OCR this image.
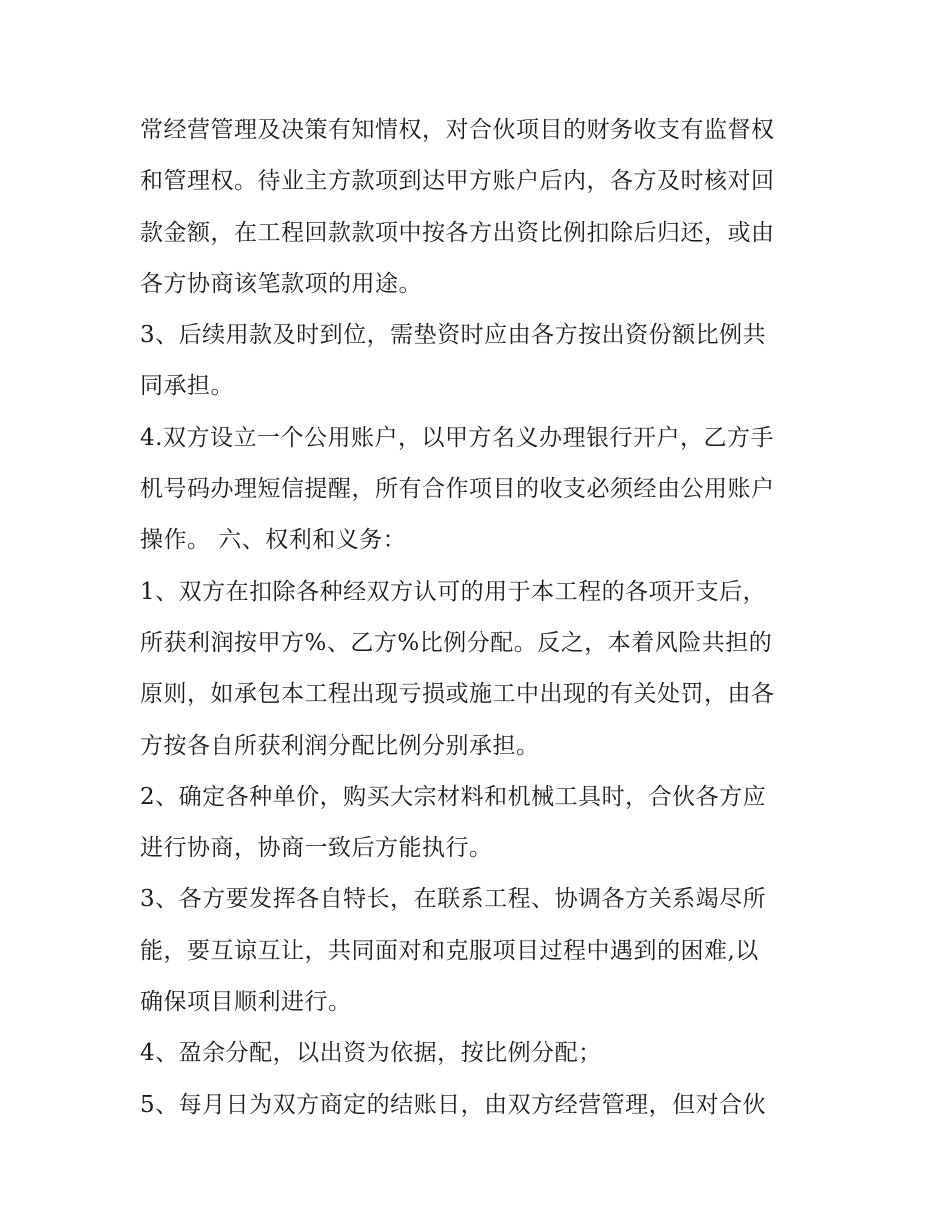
常经营管理及决策有知情权，对合伙项目的财务收支有监督权
和管理权。待业主方款项到达甲方账户后内，各方及时核对回
款金额，在工程回款款项中按各方出资比例扣除后归还，或由
各方协商该笔款项的用途。
3、后续用款及时到位，需垫资时应由各方按出资份额比例共
同承担。
4.双方设立一个公用账户，以甲方名义办理银行开户，乙方手
机号码办理短信提醒，所有合作项目的收支必须经由公用账户
操作。 六、权利和义务：
1、双方在扣除各种经双方认可的用于本工程的各项开支后，
所获利润按甲方%、乙方%比例分配。反之，本着风险共担的
原则，如承包本工程出现亏损或施工中出现的有关处罚，由各
方按各自所获利润分配比例分别承担。
2、确定各种单价，购买大宗材料和机械工具时，合伙各方应
进行协商，协商一致后方能执行。
3、各方要发挥各自特长，在联系工程、协调各方关系竭尽所
能，要互谅互让，共同面对和克服项目过程中遇到的困难,以
确保项目顺利进行。
4、盈余分配，以出资为依据，按比例分配；
5、每月日为双方商定的结账日，由双方经营管理，但对合伙
